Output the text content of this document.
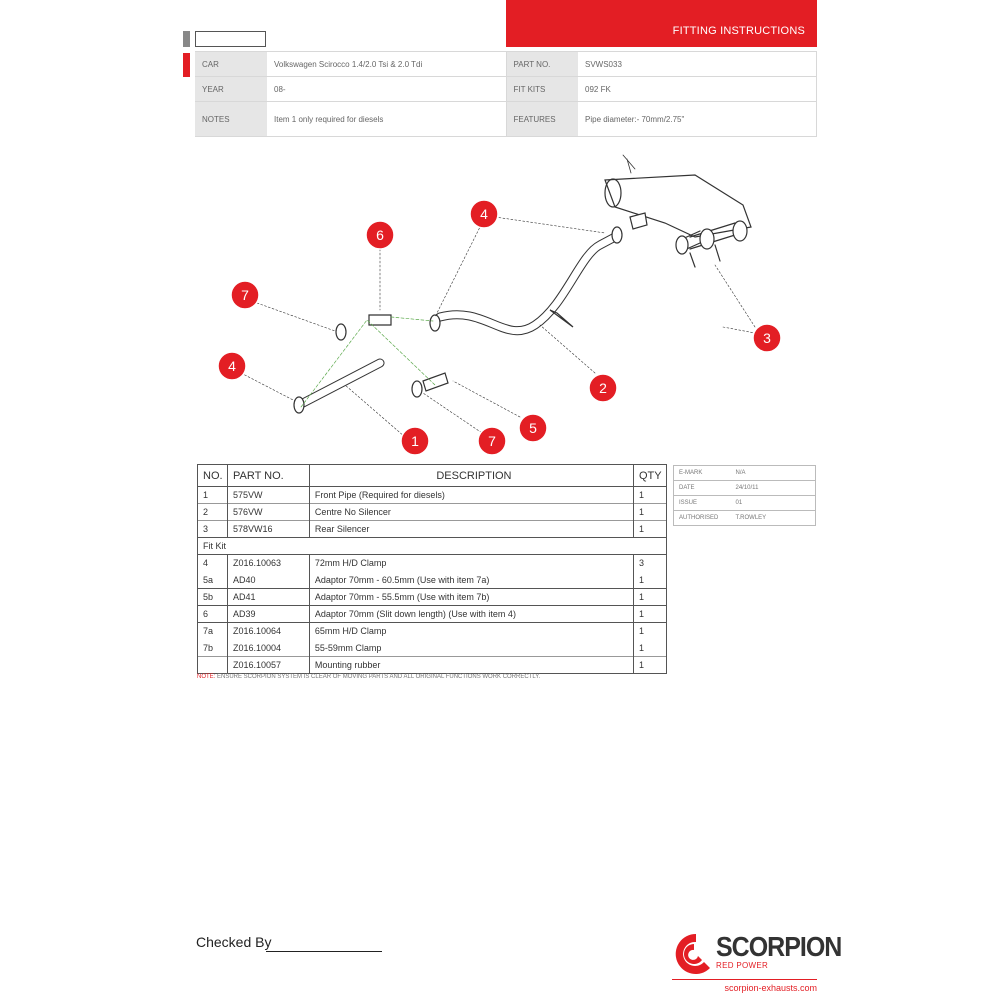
FITTING INSTRUCTIONS
CAR	Volkswagen Scirocco 1.4/2.0 Tsi & 2.0 Tdi	PART NO.	SVWS033
YEAR	08-	FIT KITS	092 FK
NOTES	Item 1 only required for diesels	FEATURES	Pipe diameter:- 70mm/2.75"
6
4
7
4
3
2
1	7
5
NO.	PART NO.	DESCRIPTION	QTY
1	575VW	Front Pipe (Required for diesels)	1
2	576VW	Centre No Silencer	1
3	578VW16	Rear Silencer	1
Fit Kit			
4	Z016.10063	72mm H/D Clamp	3
5a	AD40	Adaptor 70mm - 60.5mm (Use with item 7a)	1
5b	AD41	Adaptor 70mm - 55.5mm (Use with item 7b)	1
6	AD39	Adaptor 70mm (Slit down length) (Use with item 4)	1
7a	Z016.10064	65mm H/D Clamp	1
7b	Z016.10004	55-59mm Clamp	1
	Z016.10057	Mounting rubber	1
NOTE: ENSURE SCORPION SYSTEM IS CLEAR OF MOVING PARTS AND ALL ORIGINAL FUNCTIONS WORK CORRECTLY.
E-MARK	N/A
DATE	24/10/11
ISSUE	01
AUTHORISED	T.ROWLEY
Checked By	SCORPION
RED POWER
scorpion-exhausts.com
